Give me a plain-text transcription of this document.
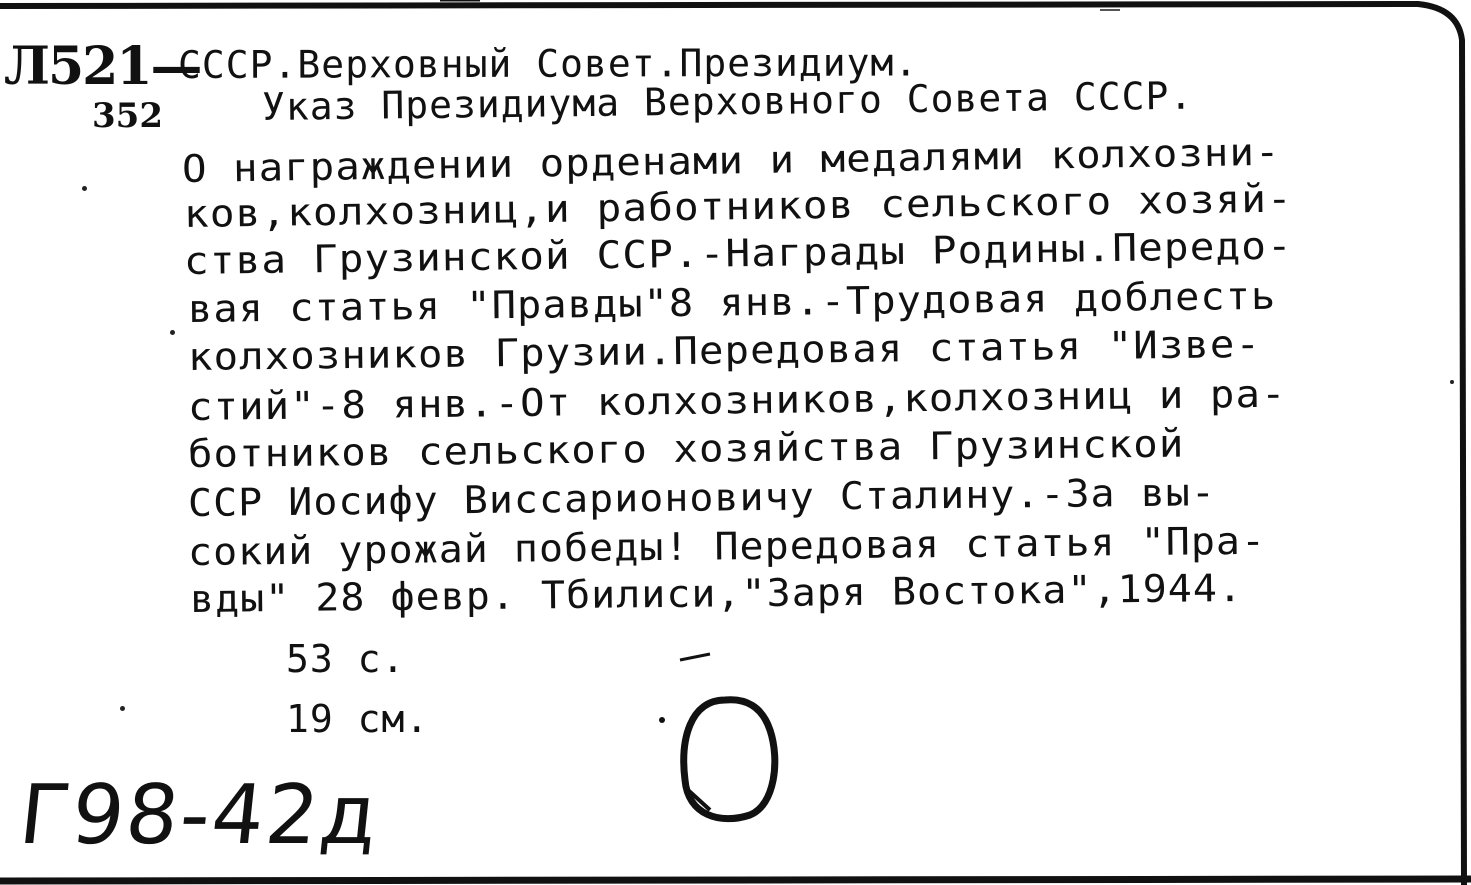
Л521—
352
СССР.Верховный Совет.Президиум.
Указ Президиума Верховного Совета СССР.
О награждении орденами и медалями колхозни-
ков,колхозниц,и работников сельского хозяй-
ства Грузинской ССР.-Награды Родины.Передо-
вая статья "Правды"8 янв.-Трудовая доблесть
колхозников Грузии.Передовая статья "Изве-
стий"-8 янв.-От колхозников,колхозниц и ра-
ботников сельского хозяйства Грузинской
ССР Иосифу Виссарионовичу Сталину.-За вы-
сокий урожай победы! Передовая статья "Пра-
вды" 28 февр. Тбилиси,"Заря Востока",1944.
53 с.
19 см.
Г98-42д
